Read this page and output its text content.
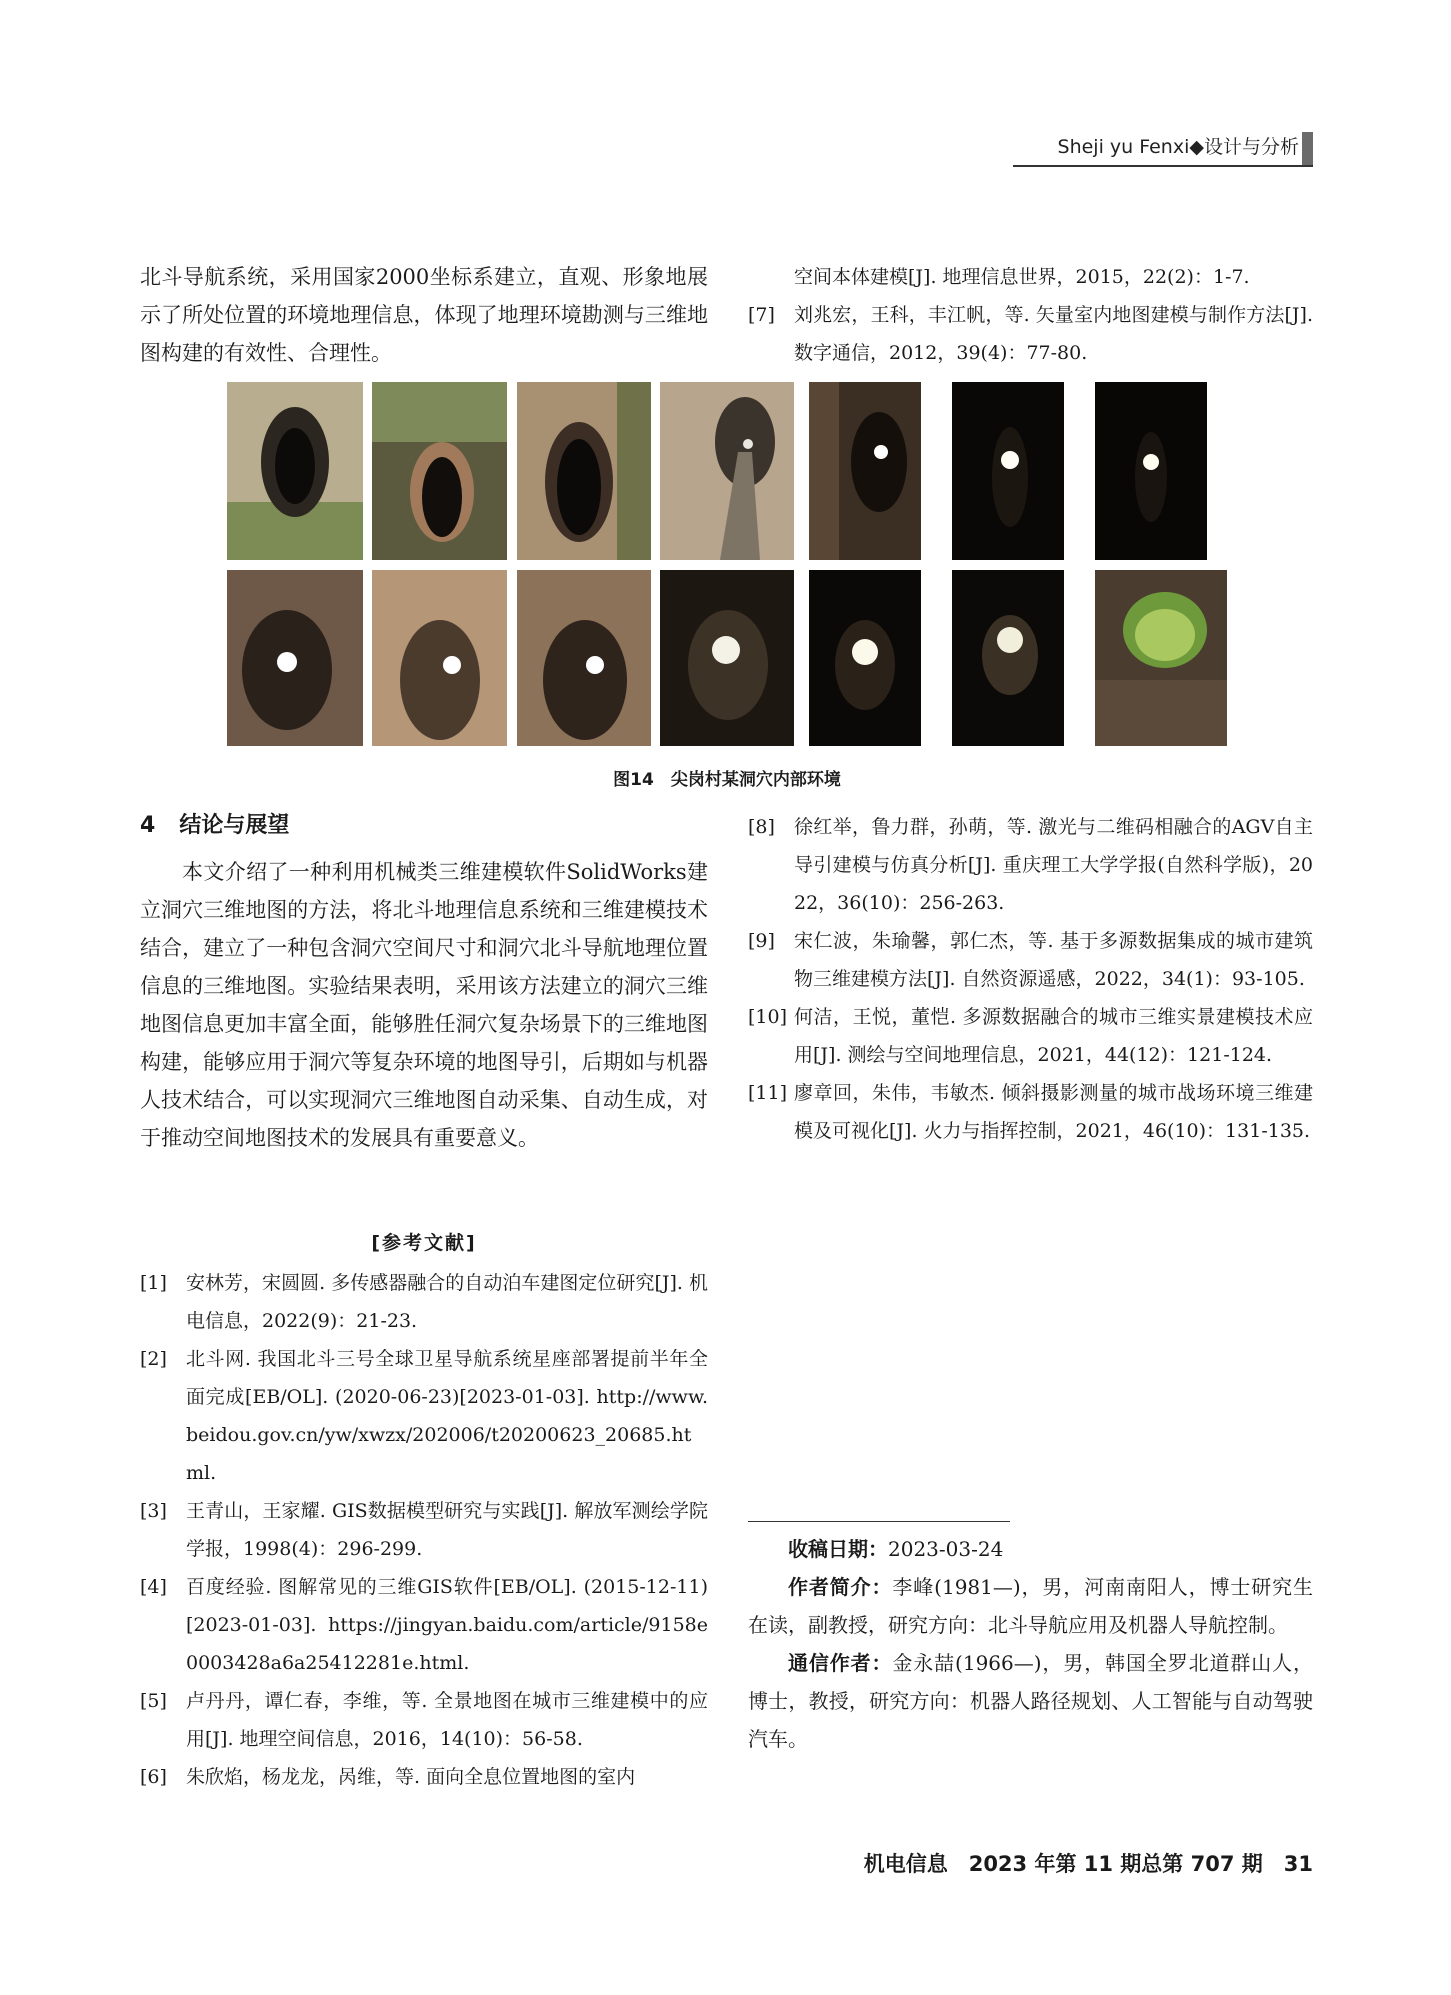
Sheji yu Fenxi◆设计与分析

北斗导航系统，采用国家2000坐标系建立，直观、形象地展示了所处位置的环境地理信息，体现了地理环境勘测与三维地图构建的有效性、合理性。

空间本体建模[J]. 地理信息世界，2015，22(2)：1-7.
[7]	刘兆宏，王科，丰江帆，等. 矢量室内地图建模与制作方法[J]. 数字通信，2012，39(4)：77-80.
图14　尖岗村某洞穴内部环境
4 结论与展望

本文介绍了一种利用机械类三维建模软件SolidWorks建立洞穴三维地图的方法，将北斗地理信息系统和三维建模技术结合，建立了一种包含洞穴空间尺寸和洞穴北斗导航地理位置信息的三维地图。实验结果表明，采用该方法建立的洞穴三维地图信息更加丰富全面，能够胜任洞穴复杂场景下的三维地图构建，能够应用于洞穴等复杂环境的地图导引，后期如与机器人技术结合，可以实现洞穴三维地图自动采集、自动生成，对于推动空间地图技术的发展具有重要意义。

[参考文献]
[1]	安林芳，宋圆圆. 多传感器融合的自动泊车建图定位研究[J]. 机电信息，2022(9)：21-23.
[2]	北斗网. 我国北斗三号全球卫星导航系统星座部署提前半年全面完成[EB/OL]. (2020-06-23)[2023-01-03]. http://www.beidou.gov.cn/yw/xwzx/202006/t20200623_20685.html.
[3]	王青山，王家耀. GIS数据模型研究与实践[J]. 解放军测绘学院学报，1998(4)：296-299.
[4]	百度经验. 图解常见的三维GIS软件[EB/OL]. (2015-12-11)[2023-01-03]. https://jingyan.baidu.com/article/9158e0003428a6a25412281e.html.
[5]	卢丹丹，谭仁春，李维，等. 全景地图在城市三维建模中的应用[J]. 地理空间信息，2016，14(10)：56-58.
[6]	朱欣焰，杨龙龙，呙维，等. 面向全息位置地图的室内
[8]	徐红举，鲁力群，孙萌，等. 激光与二维码相融合的AGV自主导引建模与仿真分析[J]. 重庆理工大学学报(自然科学版)，2022，36(10)：256-263.
[9]	宋仁波，朱瑜馨，郭仁杰，等. 基于多源数据集成的城市建筑物三维建模方法[J]. 自然资源遥感，2022，34(1)：93-105.
[10] 何洁，王悦，董恺. 多源数据融合的城市三维实景建模技术应用[J]. 测绘与空间地理信息，2021，44(12)：121-124.
[11] 廖章回，朱伟，韦敏杰. 倾斜摄影测量的城市战场环境三维建模及可视化[J]. 火力与指挥控制，2021，46(10)：131-135.
收稿日期：2023-03-24
作者简介：李峰(1981—)，男，河南南阳人，博士研究生在读，副教授，研究方向：北斗导航应用及机器人导航控制。
通信作者：金永喆(1966—)，男，韩国全罗北道群山人，博士，教授，研究方向：机器人路径规划、人工智能与自动驾驶汽车。
机电信息　2023 年第 11 期总第 707 期　31
